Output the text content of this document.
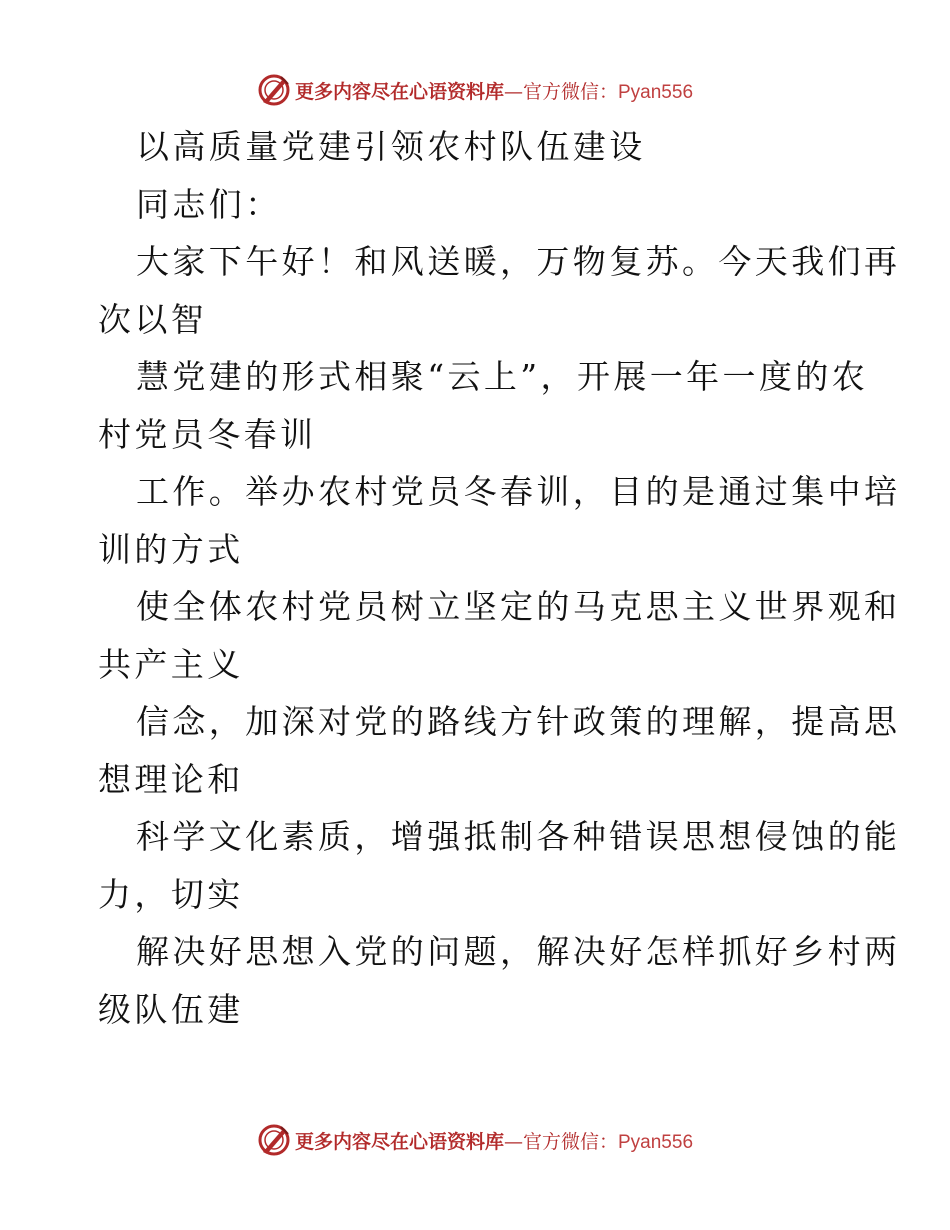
更多内容尽在心语资料库—官方微信：Pyan556
以高质量党建引领农村队伍建设
同志们：
大家下午好！和风送暖，万物复苏。今天我们再
次以智
慧党建的形式相聚“云上”，开展一年一度的农
村党员冬春训
工作。举办农村党员冬春训，目的是通过集中培
训的方式
使全体农村党员树立坚定的马克思主义世界观和
共产主义
信念，加深对党的路线方针政策的理解，提高思
想理论和
科学文化素质，增强抵制各种错误思想侵蚀的能
力，切实
解决好思想入党的问题，解决好怎样抓好乡村两
级队伍建
更多内容尽在心语资料库—官方微信：Pyan556
